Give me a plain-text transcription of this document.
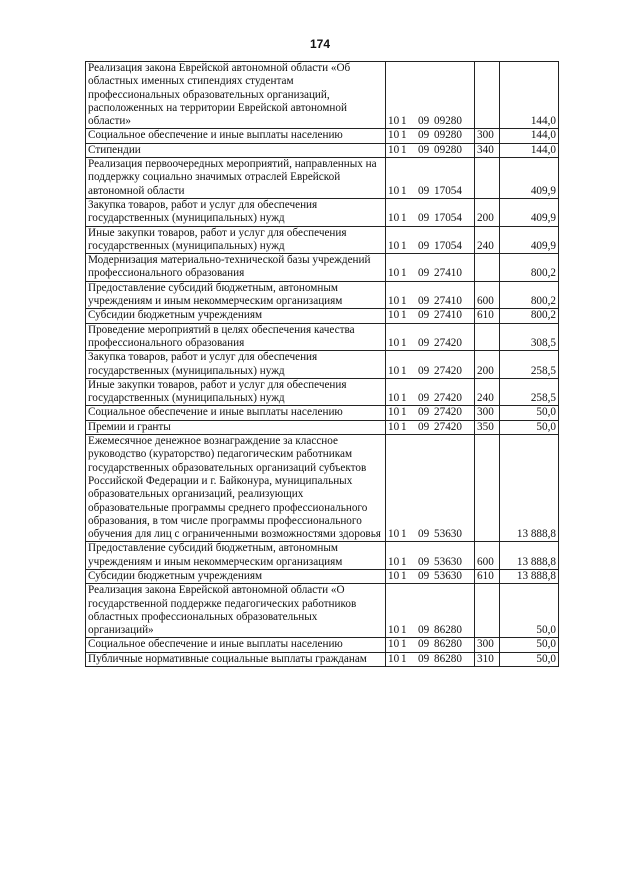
174
Реализация закона Еврейской автономной области «Об областных именных стипендиях студентам профессиональных образовательных организаций, расположенных на территории Еврейской автономной области»	10 1 09 09280		144,0
Социальное обеспечение и иные выплаты населению	10 1 09 09280	300	144,0
Стипендии	10 1 09 09280	340	144,0
Реализация первоочередных мероприятий, направленных на поддержку социально значимых отраслей Еврейской автономной области	10 1 09 17054		409,9
Закупка товаров, работ и услуг для обеспечения государственных (муниципальных) нужд	10 1 09 17054	200	409,9
Иные закупки товаров, работ и услуг для обеспечения государственных (муниципальных) нужд	10 1 09 17054	240	409,9
Модернизация материально-технической базы учреждений профессионального образования	10 1 09 27410		800,2
Предоставление субсидий бюджетным, автономным учреждениям и иным некоммерческим организациям	10 1 09 27410	600	800,2
Субсидии бюджетным учреждениям	10 1 09 27410	610	800,2
Проведение мероприятий в целях обеспечения качества профессионального образования	10 1 09 27420		308,5
Закупка товаров, работ и услуг для обеспечения государственных (муниципальных) нужд	10 1 09 27420	200	258,5
Иные закупки товаров, работ и услуг для обеспечения государственных (муниципальных) нужд	10 1 09 27420	240	258,5
Социальное обеспечение и иные выплаты населению	10 1 09 27420	300	50,0
Премии и гранты	10 1 09 27420	350	50,0
Ежемесячное денежное вознаграждение за классное руководство (кураторство) педагогическим работникам государственных образовательных организаций субъектов Российской Федерации и г. Байконура, муниципальных образовательных организаций, реализующих образовательные программы среднего профессионального образования, в том числе программы профессионального обучения для лиц с ограниченными возможностями здоровья	10 1 09 53630		13 888,8
Предоставление субсидий бюджетным, автономным учреждениям и иным некоммерческим организациям	10 1 09 53630	600	13 888,8
Субсидии бюджетным учреждениям	10 1 09 53630	610	13 888,8
Реализация закона Еврейской автономной области «О государственной поддержке педагогических работников областных профессиональных образовательных организаций»	10 1 09 86280		50,0
Социальное обеспечение и иные выплаты населению	10 1 09 86280	300	50,0
Публичные нормативные социальные выплаты гражданам	10 1 09 86280	310	50,0
